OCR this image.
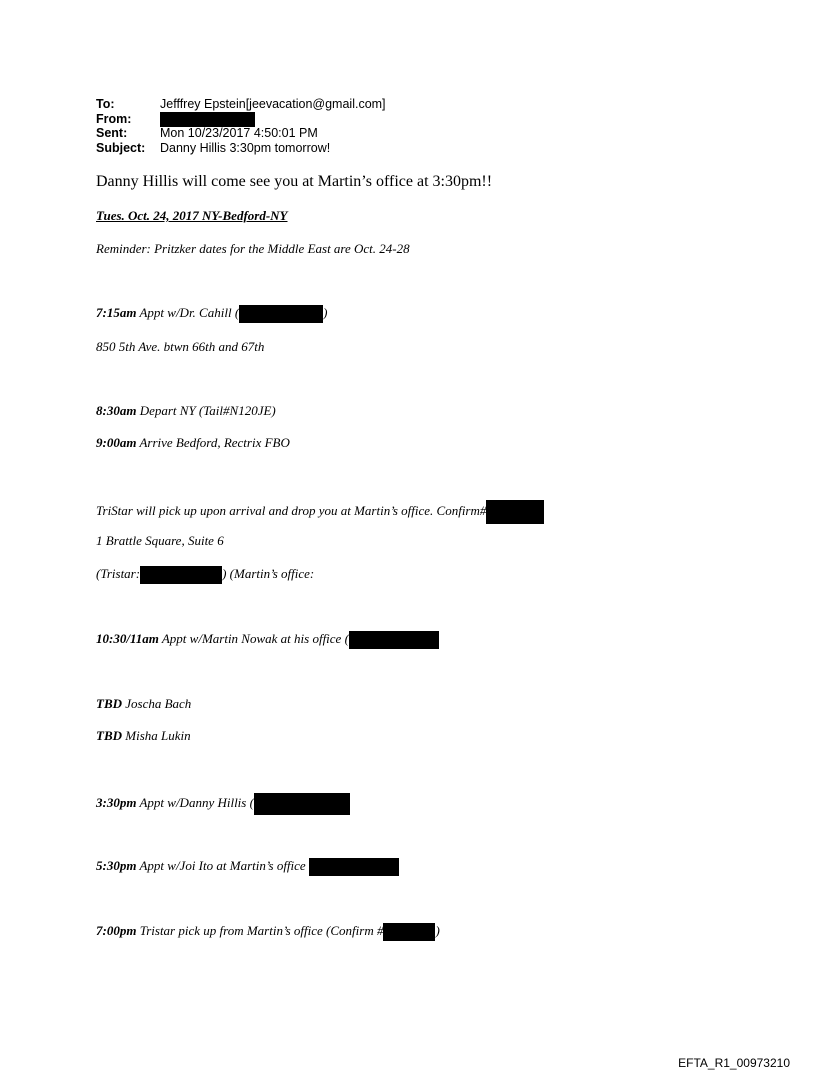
To:	Jefffrey Epstein[jeevacation@gmail.com]
From:
Sent:	Mon 10/23/2017 4:50:01 PM
Subject: Danny Hillis 3:30pm tomorrow!
Danny Hillis will come see you at Martin’s office at 3:30pm!!
Tues. Oct. 24, 2017 NY-Bedford-NY
Reminder: Pritzker dates for the Middle East are Oct. 24-28
7:15am Appt w/Dr. Cahill (	)
850 5th Ave. btwn 66th and 67th
8:30am Depart NY (Tail#N120JE)
9:00am Arrive Bedford, Rectrix FBO
TriStar will pick up upon arrival and drop you at Martin’s office. Confirm#
1 Brattle Square, Suite 6
(Tristar:	) (Martin’s office:
10:30/11am Appt w/Martin Nowak at his office (
TBD Joscha Bach
TBD Misha Lukin
3:30pm Appt w/Danny Hillis (
5:30pm Appt w/Joi Ito at Martin’s office
7:00pm Tristar pick up from Martin’s office (Confirm #	)
EFTA_R1_00973210
